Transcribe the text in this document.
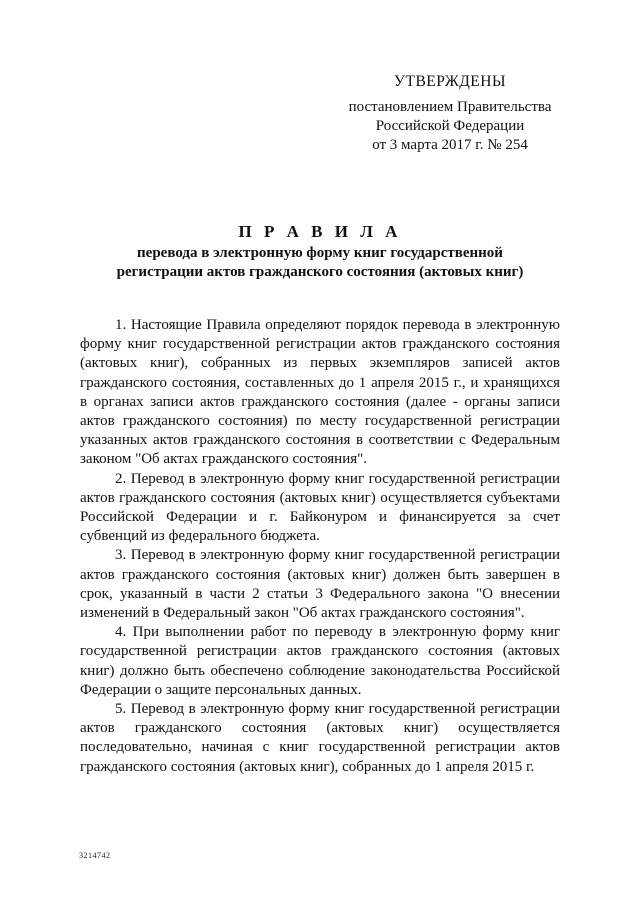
УТВЕРЖДЕНЫ
постановлением Правительства
Российской Федерации
от 3 марта 2017 г. № 254
П Р А В И Л А
перевода в электронную форму книг государственной
регистрации актов гражданского состояния (актовых книг)

1. Настоящие Правила определяют порядок перевода в электронную форму книг государственной регистрации актов гражданского состояния (актовых книг), собранных из первых экземпляров записей актов гражданского состояния, составленных до 1 апреля 2015 г., и хранящихся в органах записи актов гражданского состояния (далее - органы записи актов гражданского состояния) по месту государственной регистрации указанных актов гражданского состояния в соответствии с Федеральным законом "Об актах гражданского состояния".

2. Перевод в электронную форму книг государственной регистрации актов гражданского состояния (актовых книг) осуществляется субъектами Российской Федерации и г. Байконуром и финансируется за счет субвенций из федерального бюджета.

3. Перевод в электронную форму книг государственной регистрации актов гражданского состояния (актовых книг) должен быть завершен в срок, указанный в части 2 статьи 3 Федерального закона "О внесении изменений в Федеральный закон "Об актах гражданского состояния".

4. При выполнении работ по переводу в электронную форму книг государственной регистрации актов гражданского состояния (актовых книг) должно быть обеспечено соблюдение законодательства Российской Федерации о защите персональных данных.

5. Перевод в электронную форму книг государственной регистрации актов гражданского состояния (актовых книг) осуществляется последовательно, начиная с книг государственной регистрации актов гражданского состояния (актовых книг), собранных до 1 апреля 2015 г.

3214742
